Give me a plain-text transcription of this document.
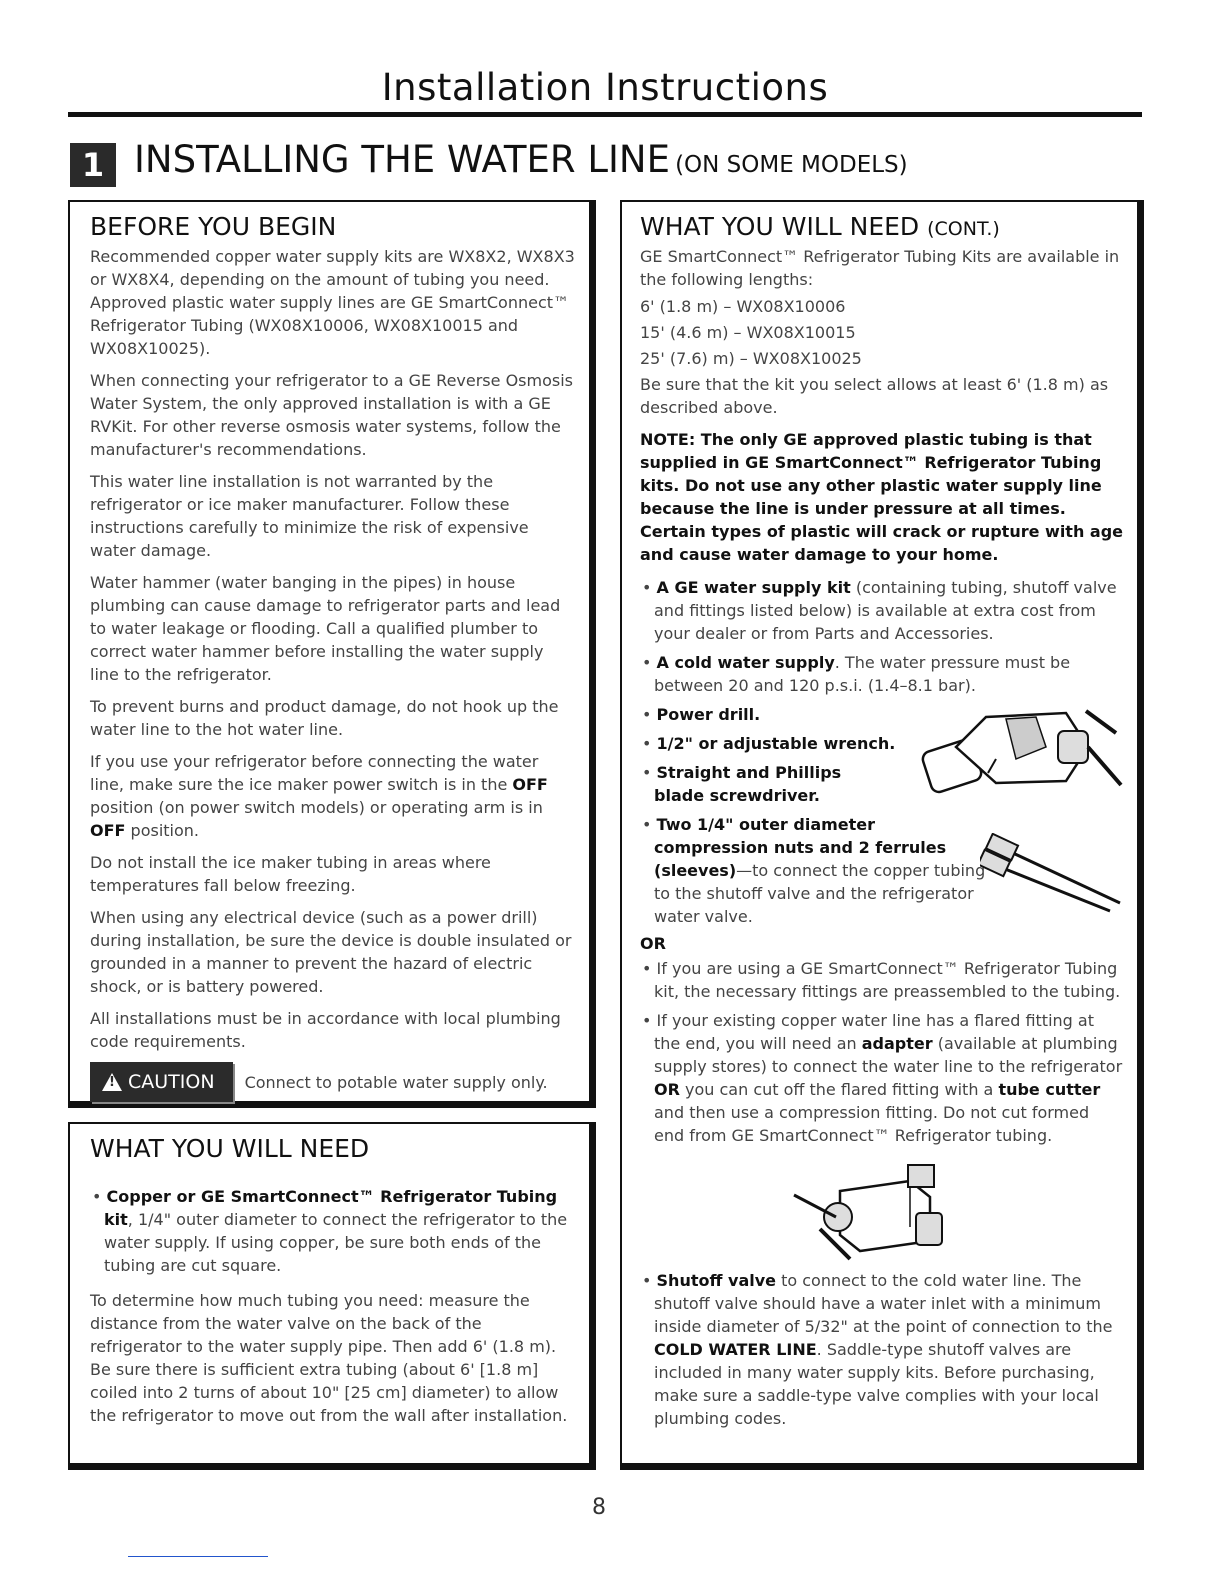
Installation Instructions
1 INSTALLING THE WATER LINE (ON SOME MODELS)
BEFORE YOU BEGIN

Recommended copper water supply kits are WX8X2, WX8X3 or WX8X4, depending on the amount of tubing you need. Approved plastic water supply lines are GE SmartConnect™ Refrigerator Tubing (WX08X10006, WX08X10015 and WX08X10025).

When connecting your refrigerator to a GE Reverse Osmosis Water System, the only approved installation is with a GE RVKit. For other reverse osmosis water systems, follow the manufacturer's recommendations.

This water line installation is not warranted by the refrigerator or ice maker manufacturer. Follow these instructions carefully to minimize the risk of expensive water damage.

Water hammer (water banging in the pipes) in house plumbing can cause damage to refrigerator parts and lead to water leakage or flooding. Call a qualified plumber to correct water hammer before installing the water supply line to the refrigerator.

To prevent burns and product damage, do not hook up the water line to the hot water line.

If you use your refrigerator before connecting the water line, make sure the ice maker power switch is in the OFF position (on power switch models) or operating arm is in OFF position.

Do not install the ice maker tubing in areas where temperatures fall below freezing.

When using any electrical device (such as a power drill) during installation, be sure the device is double insulated or grounded in a manner to prevent the hazard of electric shock, or is battery powered.

All installations must be in accordance with local plumbing code requirements.

!
CAUTION Connect to potable water supply only.
WHAT YOU WILL NEED
• Copper or GE SmartConnect™ Refrigerator Tubing kit, 1/4" outer diameter to connect the refrigerator to the water supply. If using copper, be sure both ends of the tubing are cut square.

To determine how much tubing you need: measure the distance from the water valve on the back of the refrigerator to the water supply pipe. Then add 6' (1.8 m). Be sure there is sufficient extra tubing (about 6' [1.8 m] coiled into 2 turns of about 10" [25 cm] diameter) to allow the refrigerator to move out from the wall after installation.

WHAT YOU WILL NEED (CONT.)

GE SmartConnect™ Refrigerator Tubing Kits are available in the following lengths:

6' (1.8 m) – WX08X10006
15' (4.6 m) – WX08X10015
25' (7.6) m) – WX08X10025

Be sure that the kit you select allows at least 6' (1.8 m) as described above.

NOTE: The only GE approved plastic tubing is that supplied in GE SmartConnect™ Refrigerator Tubing kits. Do not use any other plastic water supply line because the line is under pressure at all times. Certain types of plastic will crack or rupture with age and cause water damage to your home.

• A GE water supply kit (containing tubing, shutoff valve and fittings listed below) is available at extra cost from your dealer or from Parts and Accessories.
• A cold water supply. The water pressure must be between 20 and 120 p.s.i. (1.4–8.1 bar).
• Power drill.
• 1/2" or adjustable wrench.
• Straight and Phillips blade screwdriver.
• Two 1/4" outer diameter compression nuts and 2 ferrules (sleeves)—to connect the copper tubing to the shutoff valve and the refrigerator water valve.
OR
• If you are using a GE SmartConnect™ Refrigerator Tubing kit, the necessary fittings are preassembled to the tubing.
• If your existing copper water line has a flared fitting at the end, you will need an adapter (available at plumbing supply stores) to connect the water line to the refrigerator OR you can cut off the flared fitting with a tube cutter and then use a compression fitting. Do not cut formed end from GE SmartConnect™ Refrigerator tubing.
• Shutoff valve to connect to the cold water line. The shutoff valve should have a water inlet with a minimum inside diameter of 5/32" at the point of connection to the COLD WATER LINE. Saddle-type shutoff valves are included in many water supply kits. Before purchasing, make sure a saddle-type valve complies with your local plumbing codes.
8
